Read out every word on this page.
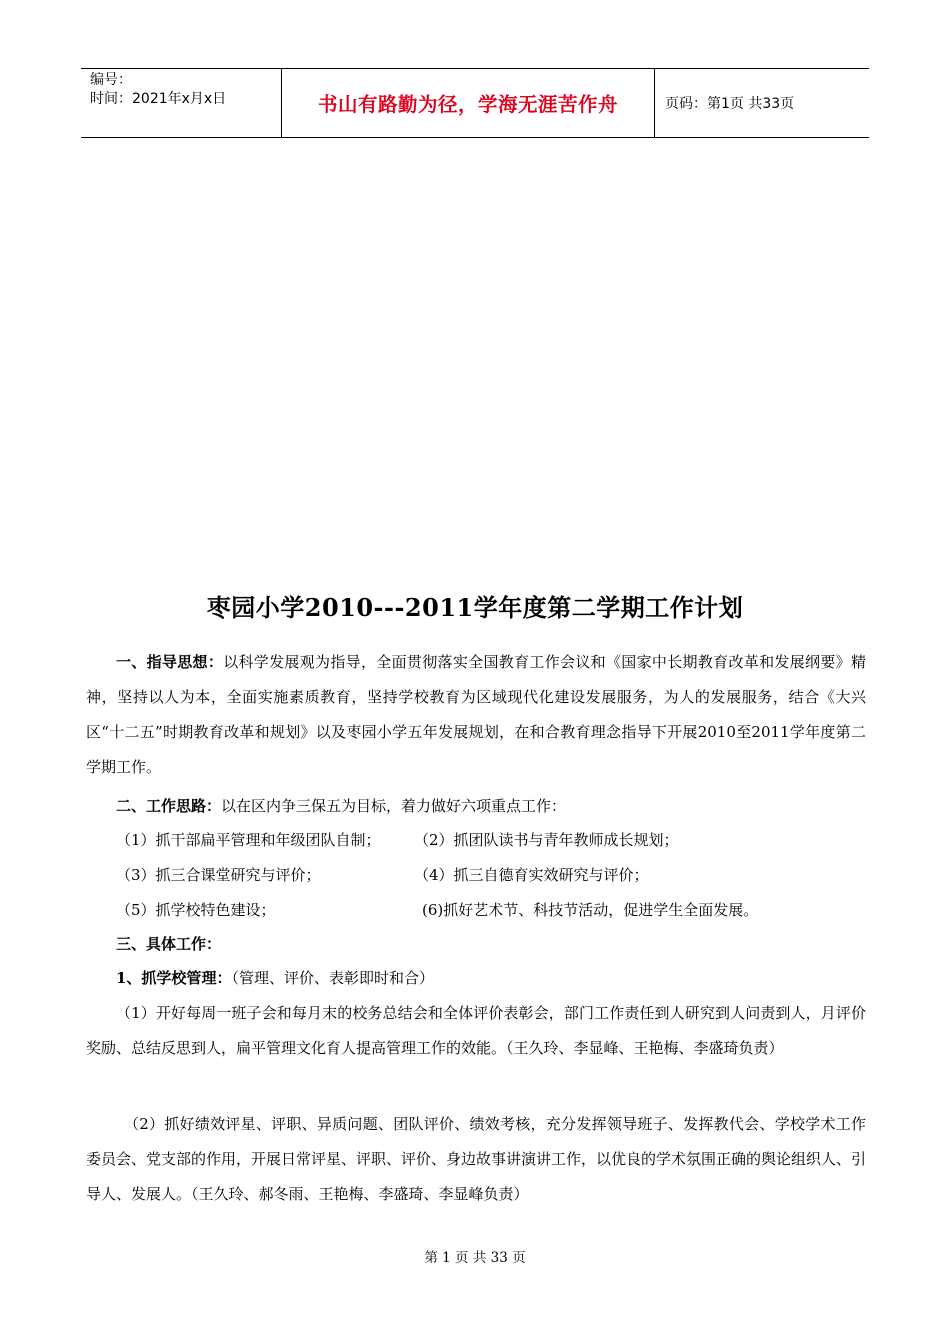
编号：
时间：2021年x月x日	书山有路勤为径，学海无涯苦作舟	页码：第1页 共33页
枣园小学2010---2011学年度第二学期工作计划

一、指导思想：以科学发展观为指导，全面贯彻落实全国教育工作会议和《国家中长期教育改革和发展纲要》精神，坚持以人为本，全面实施素质教育，坚持学校教育为区域现代化建设发展服务，为人的发展服务，结合《大兴区“十二五”时期教育改革和规划》以及枣园小学五年发展规划，在和合教育理念指导下开展2010至2011学年度第二学期工作。

二、工作思路：以在区内争三保五为目标，着力做好六项重点工作：
（1）抓干部扁平管理和年级团队自制； （2）抓团队读书与青年教师成长规划；
（3）抓三合课堂研究与评价；	（4）抓三自德育实效研究与评价；
（5）抓学校特色建设；	(6)抓好艺术节、科技节活动，促进学生全面发展。
三、具体工作：
1、抓学校管理：（管理、评价、表彰即时和合）

（1）开好每周一班子会和每月末的校务总结会和全体评价表彰会，部门工作责任到人研究到人问责到人，月评价奖励、总结反思到人，扁平管理文化育人提高管理工作的效能。（王久玲、李显峰、王艳梅、李盛琦负责）

（2）抓好绩效评星、评职、异质问题、团队评价、绩效考核，充分发挥领导班子、发挥教代会、学校学术工作委员会、党支部的作用，开展日常评星、评职、评价、身边故事讲演讲工作，以优良的学术氛围正确的舆论组织人、引导人、发展人。（王久玲、郝冬雨、王艳梅、李盛琦、李显峰负责）

第 1 页 共 33 页
